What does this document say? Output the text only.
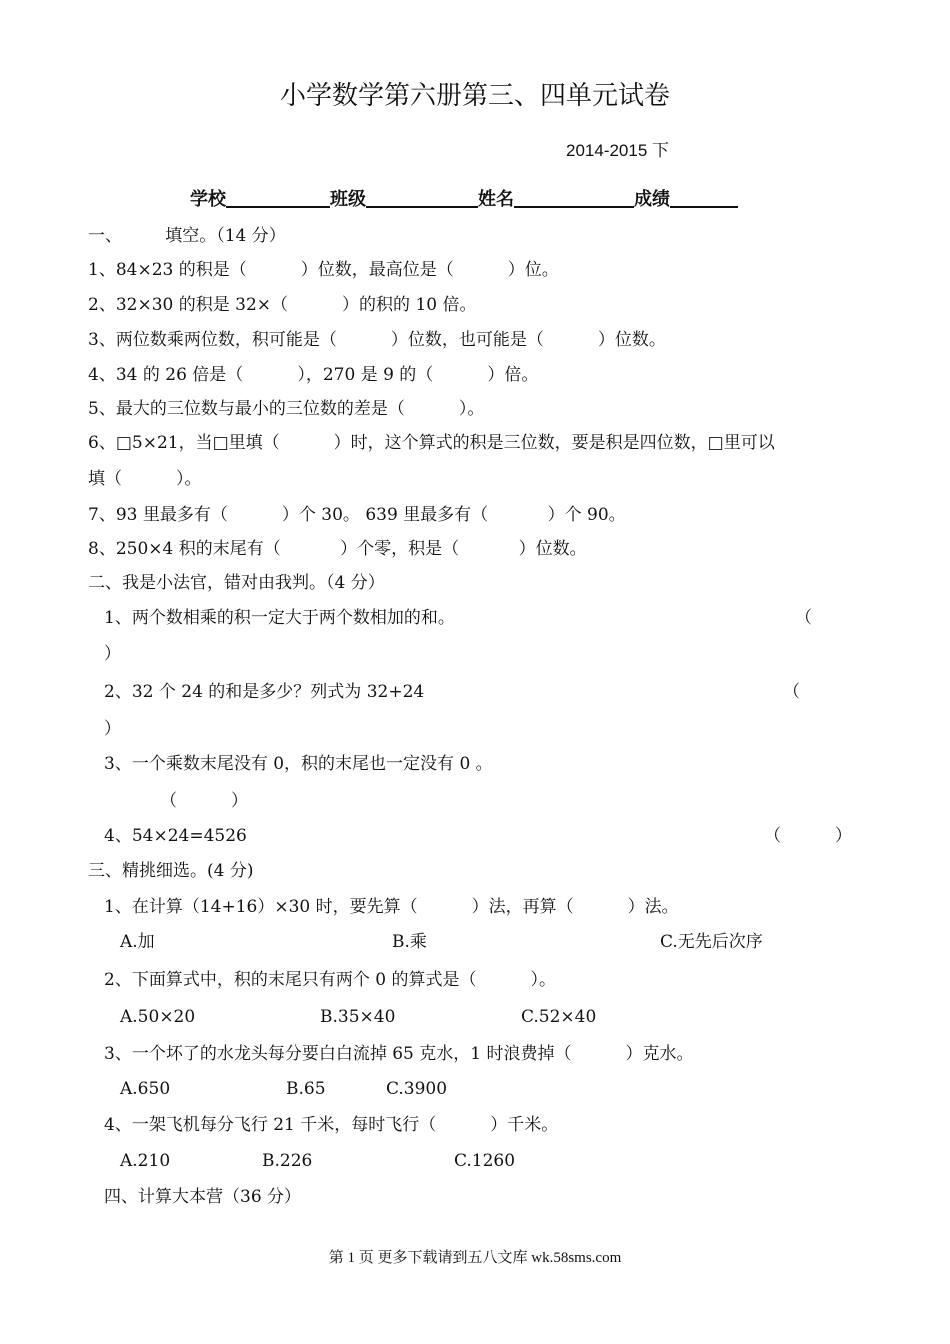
小学数学第六册第三、四单元试卷
2014-2015 下
学校	班级	姓名	成绩
一、        填空。（14 分）
1、84×23 的积是（          ）位数，最高位是（          ）位。
2、32×30 的积是 32×（          ）的积的 10 倍。
3、两位数乘两位数，积可能是（          ）位数，也可能是（          ）位数。
4、34 的 26 倍是（          ），270 是 9 的（          ）倍。
5、最大的三位数与最小的三位数的差是（          ）。
6、□5×21，当□里填（          ）时，这个算式的积是三位数，要是积是四位数，□里可以
填（          ）。
7、93 里最多有（          ）个 30。 639 里最多有（           ）个 90。
8、250×4 积的末尾有（           ）个零，积是（           ）位数。
二、我是小法官，错对由我判。（4 分）
1、两个数相乘的积一定大于两个数相加的和。	（
）
2、32 个 24 的和是多少？列式为 32+24	（
）
3、一个乘数末尾没有 0，积的末尾也一定没有 0 。
（          ）
4、54×24=4526	（          ）
三、精挑细选。(4 分)
1、在计算（14+16）×30 时，要先算（          ）法，再算（          ）法。
A.加	B.乘	C.无先后次序
2、下面算式中，积的末尾只有两个 0 的算式是（          ）。
A.50×20	B.35×40	C.52×40
3、一个坏了的水龙头每分要白白流掉 65 克水，1 时浪费掉（          ）克水。
A.650	B.65	C.3900
4、一架飞机每分飞行 21 千米，每时飞行（          ）千米。
A.210	B.226	C.1260
四、计算大本营（36 分）
第 1 页 更多下载请到五八文库 wk.58sms.com
